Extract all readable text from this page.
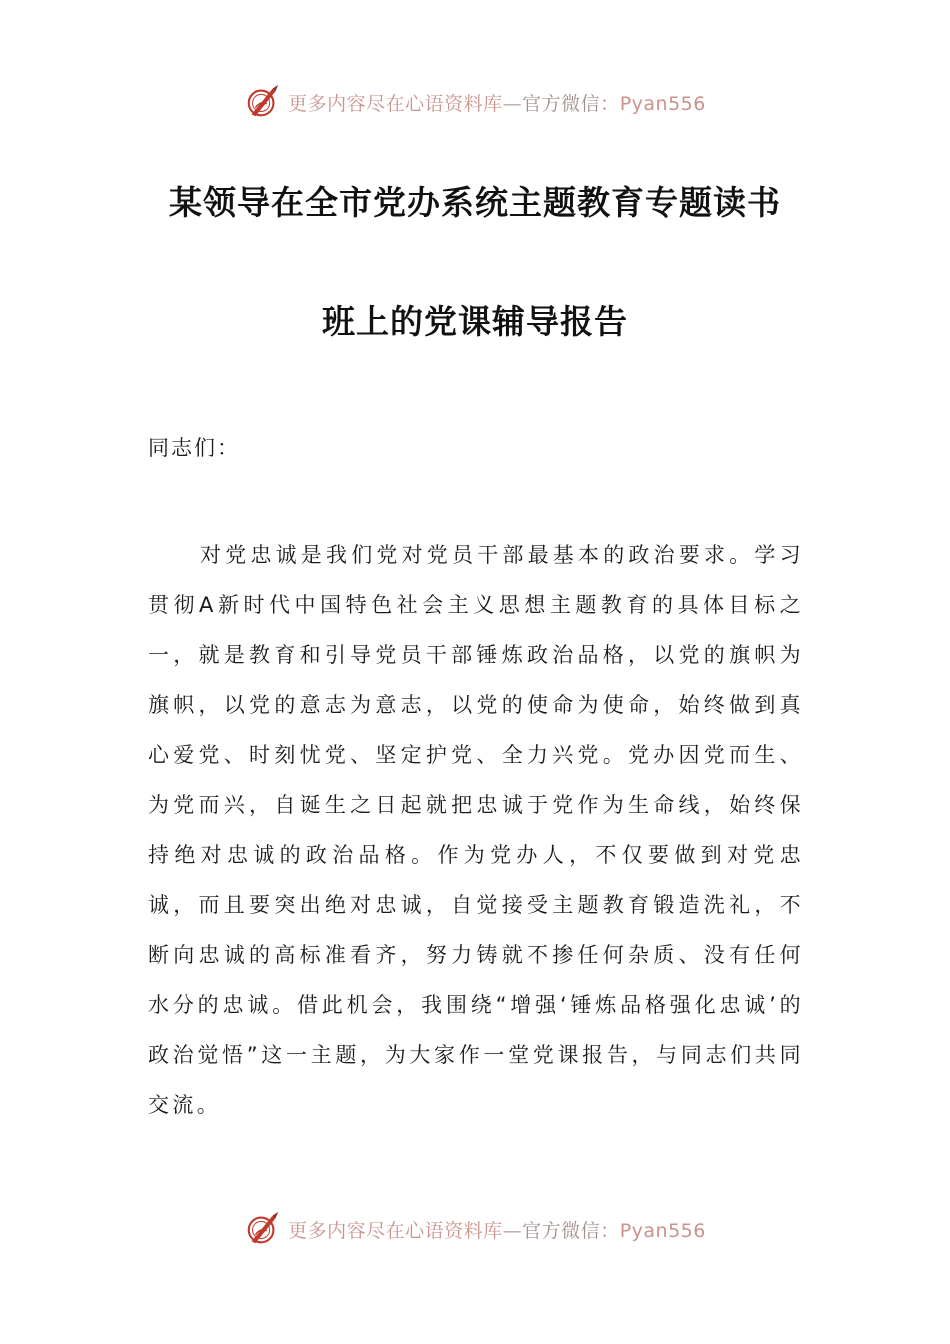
更多内容尽在心语资料库—官方微信：Pyan556
某领导在全市党办系统主题教育专题读书
班上的党课辅导报告
同志们：

对党忠诚是我们党对党员干部最基本的政治要求。学习贯彻A新时代中国特色社会主义思想主题教育的具体目标之一，就是教育和引导党员干部锤炼政治品格，以党的旗帜为旗帜，以党的意志为意志，以党的使命为使命，始终做到真心爱党、时刻忧党、坚定护党、全力兴党。党办因党而生、为党而兴，自诞生之日起就把忠诚于党作为生命线，始终保持绝对忠诚的政治品格。作为党办人，不仅要做到对党忠诚，而且要突出绝对忠诚，自觉接受主题教育锻造洗礼，不断向忠诚的高标准看齐，努力铸就不掺任何杂质、没有任何水分的忠诚。借此机会，我围绕“增强‘锤炼品格强化忠诚’的政治觉悟”这一主题，为大家作一堂党课报告，与同志们共同交流。

更多内容尽在心语资料库—官方微信：Pyan556
